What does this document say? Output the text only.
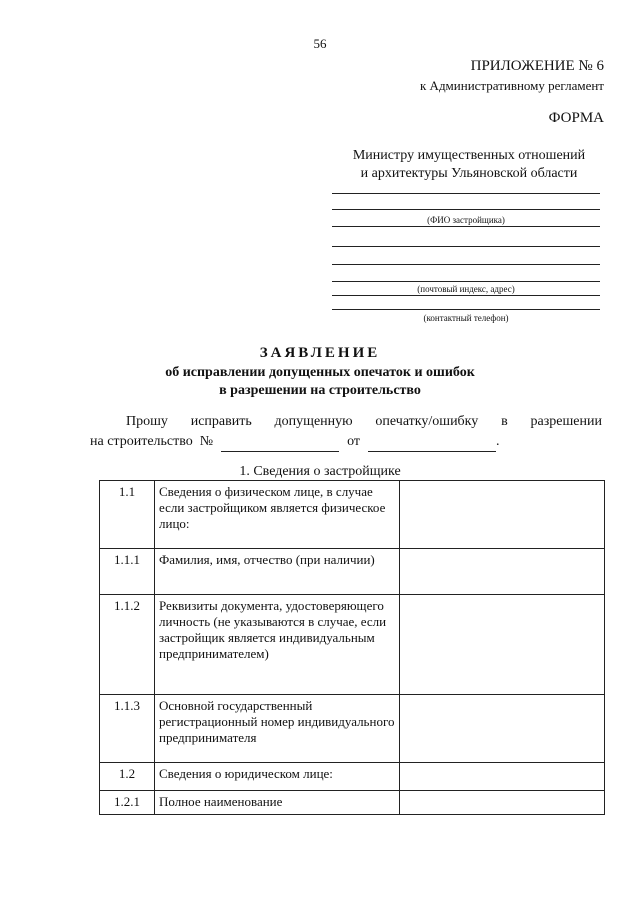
56
ПРИЛОЖЕНИЕ № 6
к Административному регламент
ФОРМА
Министру имущественных отношений
и архитектуры Ульяновской области
(ФИО застройщика)
(почтовый индекс, адрес)
(контактный телефон)
ЗАЯВЛЕНИЕ
об исправлении допущенных опечаток и ошибок
в разрешении на строительство
Прошу исправить допущенную опечатку/ошибку в разрешении
на строительство  №	от	.
1. Сведения о застройщике
1.1	Сведения о физическом лице, в случае если застройщиком является физическое лицо:	
1.1.1	Фамилия, имя, отчество (при наличии)	
1.1.2	Реквизиты документа, удостоверяющего личность (не указываются в случае, если застройщик является индивидуальным предпринимателем)	
1.1.3	Основной государственный регистрационный номер индивидуального предпринимателя	
1.2	Сведения о юридическом лице:	
1.2.1	Полное наименование	
